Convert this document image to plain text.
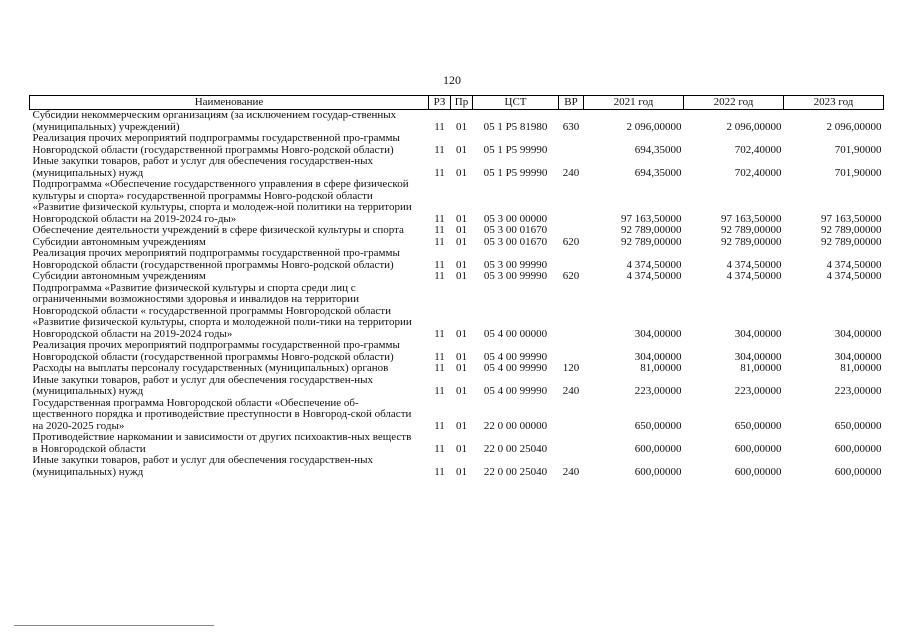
120
Наименование	РЗ	Пр	ЦСТ	ВР	2021 год	2022 год	2023 год
Субсидии некоммерческим организациям (за исключением государ-ственных (муниципальных) учреждений)	11	01	05 1 P5 81980	630	2 096,00000	2 096,00000	2 096,00000
Реализация прочих мероприятий подпрограммы государственной про-граммы Новгородской области (государственной программы Новго-родской области)	11	01	05 1 P5 99990		694,35000	702,40000	701,90000
Иные закупки товаров, работ и услуг для обеспечения государствен-ных (муниципальных) нужд	11	01	05 1 P5 99990	240	694,35000	702,40000	701,90000
Подпрограмма «Обеспечение государственного управления в сфере физической культуры и спорта» государственной программы Новго-родской области «Развитие физической культуры, спорта и молодеж-ной политики на территории Новгородской области на 2019-2024 го-ды»	11	01	05 3 00 00000		97 163,50000	97 163,50000	97 163,50000
Обеспечение деятельности учреждений в сфере физической культуры и спорта	11	01	05 3 00 01670		92 789,00000	92 789,00000	92 789,00000
Субсидии автономным учреждениям	11	01	05 3 00 01670	620	92 789,00000	92 789,00000	92 789,00000
Реализация прочих мероприятий подпрограммы государственной про-граммы Новгородской области (государственной программы Новго-родской области)	11	01	05 3 00 99990		4 374,50000	4 374,50000	4 374,50000
Субсидии автономным учреждениям	11	01	05 3 00 99990	620	4 374,50000	4 374,50000	4 374,50000
Подпрограмма «Развитие физической культуры и спорта среди лиц с ограниченными возможностями здоровья и инвалидов на территории Новгородской области « государственной программы Новгородской области «Развитие физической культуры, спорта и молодежной поли-тики на территории Новгородской области на 2019-2024 годы»	11	01	05 4 00 00000		304,00000	304,00000	304,00000
Реализация прочих мероприятий подпрограммы государственной про-граммы Новгородской области (государственной программы Новго-родской области)	11	01	05 4 00 99990		304,00000	304,00000	304,00000
Расходы на выплаты персоналу государственных (муниципальных) органов	11	01	05 4 00 99990	120	81,00000	81,00000	81,00000
Иные закупки товаров, работ и услуг для обеспечения государствен-ных (муниципальных) нужд	11	01	05 4 00 99990	240	223,00000	223,00000	223,00000
Государственная программа Новгородской области «Обеспечение об-щественного порядка и противодействие преступности в Новгород-ской области на 2020-2025 годы»	11	01	22 0 00 00000		650,00000	650,00000	650,00000
Противодействие наркомании и зависимости от других психоактив-ных веществ в Новгородской области	11	01	22 0 00 25040		600,00000	600,00000	600,00000
Иные закупки товаров, работ и услуг для обеспечения государствен-ных (муниципальных) нужд	11	01	22 0 00 25040	240	600,00000	600,00000	600,00000
